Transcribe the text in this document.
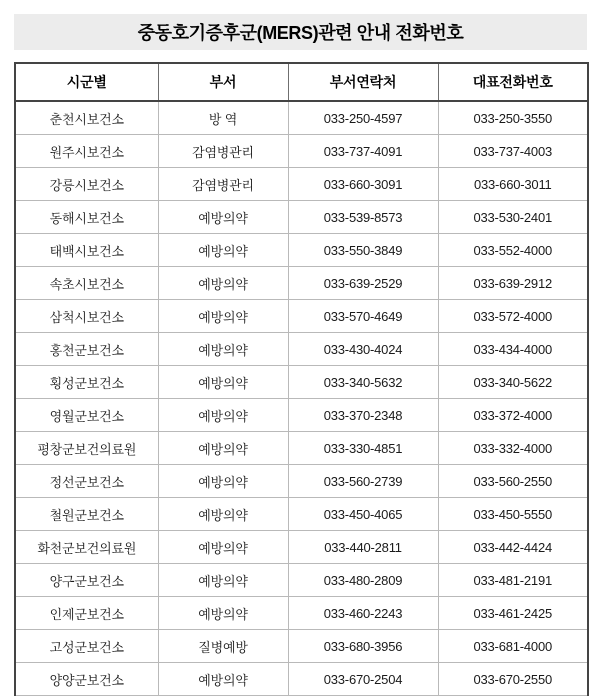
중동호기증후군(MERS)관련 안내 전화번호
시군별	부서	부서연락처	대표전화번호
춘천시보건소	방 역	033-250-4597	033-250-3550
원주시보건소	감염병관리	033-737-4091	033-737-4003
강릉시보건소	감염병관리	033-660-3091	033-660-3011
동해시보건소	예방의약	033-539-8573	033-530-2401
태백시보건소	예방의약	033-550-3849	033-552-4000
속초시보건소	예방의약	033-639-2529	033-639-2912
삼척시보건소	예방의약	033-570-4649	033-572-4000
홍천군보건소	예방의약	033-430-4024	033-434-4000
횡성군보건소	예방의약	033-340-5632	033-340-5622
영월군보건소	예방의약	033-370-2348	033-372-4000
평창군보건의료원	예방의약	033-330-4851	033-332-4000
정선군보건소	예방의약	033-560-2739	033-560-2550
철원군보건소	예방의약	033-450-4065	033-450-5550
화천군보건의료원	예방의약	033-440-2811	033-442-4424
양구군보건소	예방의약	033-480-2809	033-481-2191
인제군보건소	예방의약	033-460-2243	033-461-2425
고성군보건소	질병예방	033-680-3956	033-681-4000
양양군보건소	예방의약	033-670-2504	033-670-2550
